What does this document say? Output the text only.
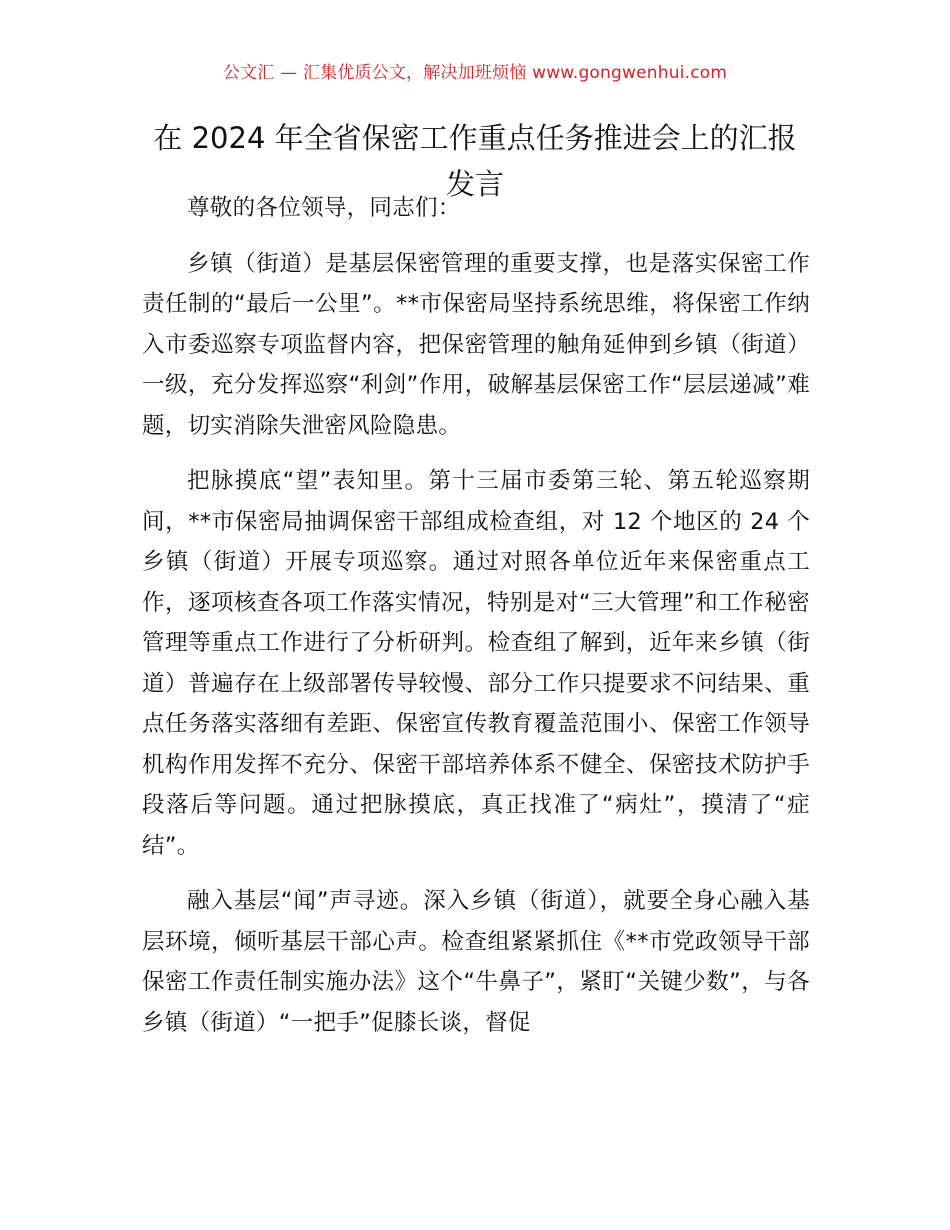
公文汇 — 汇集优质公文，解决加班烦恼 www.gongwenhui.com
在 2024 年全省保密工作重点任务推进会上的汇报发言

尊敬的各位领导，同志们：

乡镇（街道）是基层保密管理的重要支撑，也是落实保密工作责任制的“最后一公里”。**市保密局坚持系统思维，将保密工作纳入市委巡察专项监督内容，把保密管理的触角延伸到乡镇（街道）一级，充分发挥巡察“利剑”作用，破解基层保密工作“层层递减”难题，切实消除失泄密风险隐患。

把脉摸底“望”表知里。第十三届市委第三轮、第五轮巡察期间，**市保密局抽调保密干部组成检查组，对 12 个地区的 24 个乡镇（街道）开展专项巡察。通过对照各单位近年来保密重点工作，逐项核查各项工作落实情况，特别是对“三大管理”和工作秘密管理等重点工作进行了分析研判。检查组了解到，近年来乡镇（街道）普遍存在上级部署传导较慢、部分工作只提要求不问结果、重点任务落实落细有差距、保密宣传教育覆盖范围小、保密工作领导机构作用发挥不充分、保密干部培养体系不健全、保密技术防护手段落后等问题。通过把脉摸底，真正找准了“病灶”，摸清了“症结”。

融入基层“闻”声寻迹。深入乡镇（街道），就要全身心融入基层环境，倾听基层干部心声。检查组紧紧抓住《**市党政领导干部保密工作责任制实施办法》这个“牛鼻子”，紧盯“关键少数”，与各乡镇（街道）“一把手”促膝长谈，督促
